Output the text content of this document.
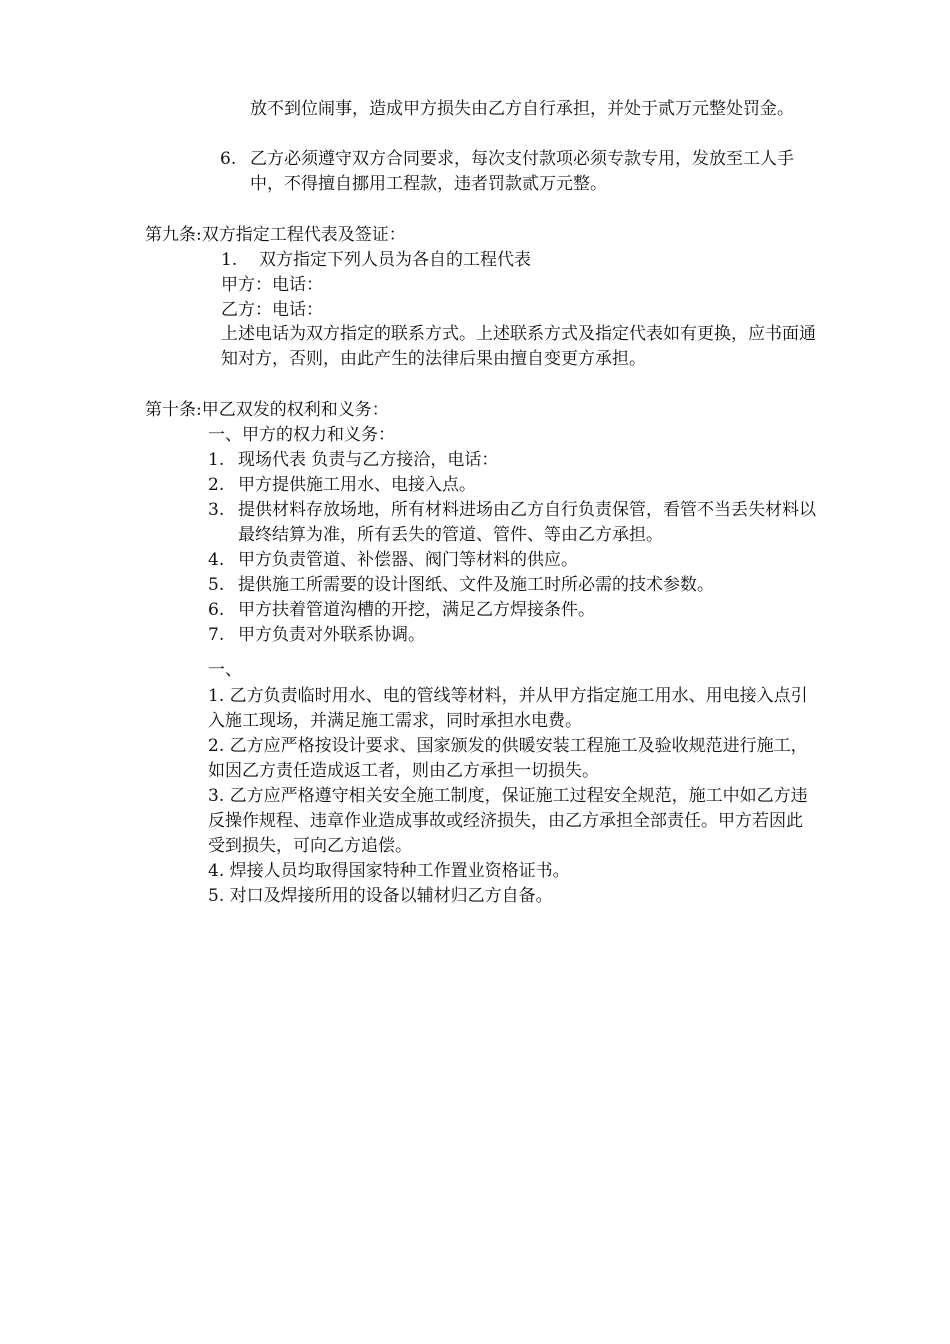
放不到位闹事，造成甲方损失由乙方自行承担，并处于贰万元整处罚金。

6. 乙方必须遵守双方合同要求，每次支付款项必须专款专用，发放至工人手中，不得擅自挪用工程款，违者罚款贰万元整。

第九条:双方指定工程代表及签证：

1.	双方指定下列人员为各自的工程代表

甲方：电话：

乙方：电话：

上述电话为双方指定的联系方式。上述联系方式及指定代表如有更换，应书面通知对方，否则，由此产生的法律后果由擅自变更方承担。

第十条:甲乙双发的权利和义务：

一、甲方的权力和义务：

1. 现场代表 负责与乙方接洽，电话：
2. 甲方提供施工用水、电接入点。
3. 提供材料存放场地，所有材料进场由乙方自行负责保管，看管不当丢失材料以最终结算为准，所有丢失的管道、管件、等由乙方承担。
4. 甲方负责管道、补偿器、阀门等材料的供应。
5. 提供施工所需要的设计图纸、文件及施工时所必需的技术参数。
6. 甲方扶着管道沟槽的开挖，满足乙方焊接条件。
7. 甲方负责对外联系协调。

一、

1. 乙方负责临时用水、电的管线等材料，并从甲方指定施工用水、用电接入点引入施工现场，并满足施工需求，同时承担水电费。

2. 乙方应严格按设计要求、国家颁发的供暖安装工程施工及验收规范进行施工，如因乙方责任造成返工者，则由乙方承担一切损失。

3. 乙方应严格遵守相关安全施工制度，保证施工过程安全规范，施工中如乙方违反操作规程、违章作业造成事故或经济损失，由乙方承担全部责任。甲方若因此受到损失，可向乙方追偿。

4. 焊接人员均取得国家特种工作置业资格证书。

5. 对口及焊接所用的设备以辅材归乙方自备。
